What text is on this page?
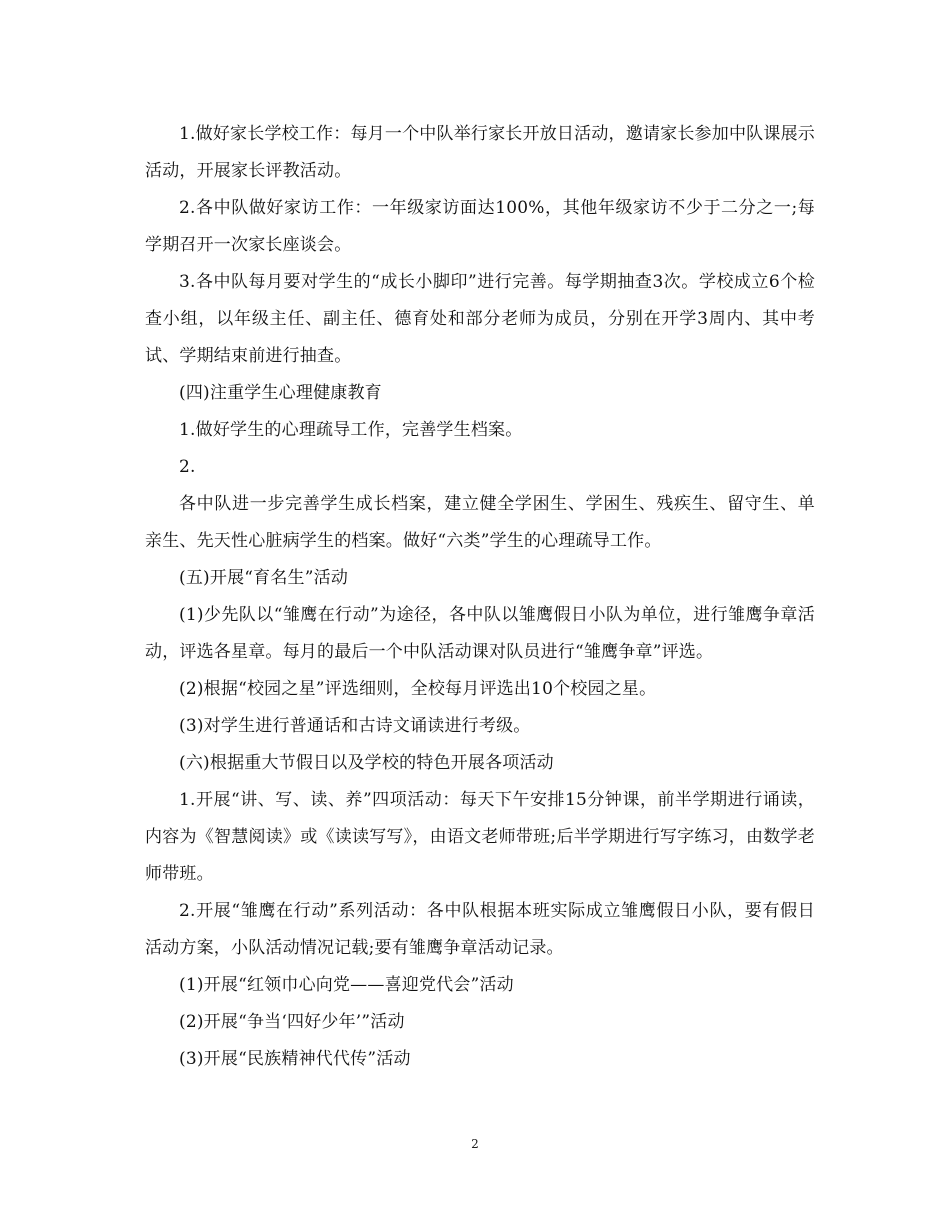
1.做好家长学校工作：每月一个中队举行家长开放日活动，邀请家长参加中队课展示活动，开展家长评教活动。

2.各中队做好家访工作：一年级家访面达100%，其他年级家访不少于二分之一;每学期召开一次家长座谈会。

3.各中队每月要对学生的“成长小脚印”进行完善。每学期抽查3次。学校成立6个检查小组，以年级主任、副主任、德育处和部分老师为成员，分别在开学3周内、其中考试、学期结束前进行抽查。

(四)注重学生心理健康教育

1.做好学生的心理疏导工作，完善学生档案。

2.

各中队进一步完善学生成长档案，建立健全学困生、学困生、残疾生、留守生、单亲生、先天性心脏病学生的档案。做好“六类”学生的心理疏导工作。

(五)开展“育名生”活动

(1)少先队以“雏鹰在行动”为途径，各中队以雏鹰假日小队为单位，进行雏鹰争章活动，评选各星章。每月的最后一个中队活动课对队员进行“雏鹰争章”评选。

(2)根据“校园之星”评选细则，全校每月评选出10个校园之星。

(3)对学生进行普通话和古诗文诵读进行考级。

(六)根据重大节假日以及学校的特色开展各项活动

1.开展“讲、写、读、养”四项活动：每天下午安排15分钟课，前半学期进行诵读，内容为《智慧阅读》或《读读写写》，由语文老师带班;后半学期进行写字练习，由数学老师带班。

2.开展“雏鹰在行动”系列活动：各中队根据本班实际成立雏鹰假日小队，要有假日活动方案，小队活动情况记载;要有雏鹰争章活动记录。

(1)开展“红领巾心向党——喜迎党代会”活动

(2)开展“争当‘四好少年’”活动

(3)开展“民族精神代代传”活动

2
